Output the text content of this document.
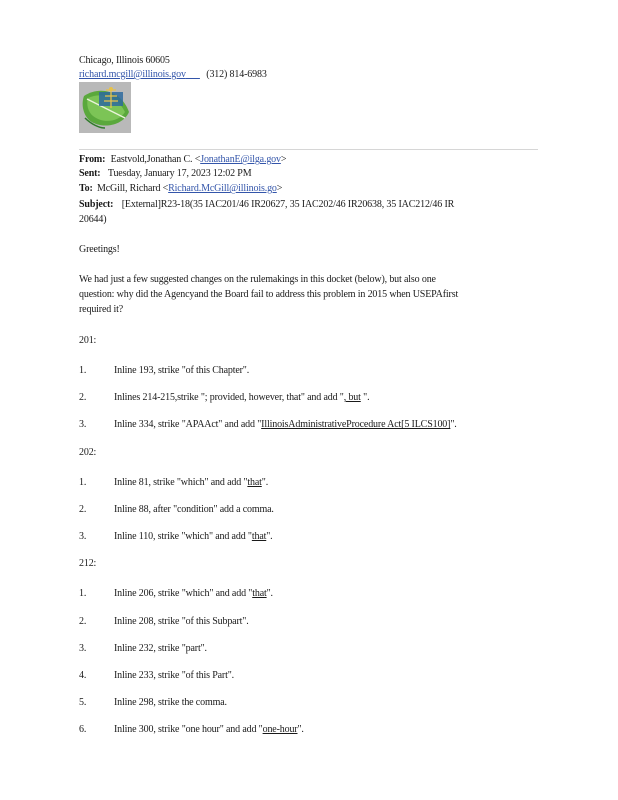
Chicago, Illinois 60605
richard.mcgill@illinois.gov (312) 814-6983
From: Eastvold,Jonathan C. <JonathanE@ilga.gov>
Sent: Tuesday, January 17, 2023 12:02 PM
To: McGill, Richard <Richard.McGill@illinois.go>
Subject: [External]R23-18(35 IAC201/46 IR20627, 35 IAC202/46 IR20638, 35 IAC212/46 IR
20644)
Greetings!
We had just a few suggested changes on the rulemakings in this docket (below), but also one
question: why did the Agencyand the Board fail to address this problem in 2015 when USEPAfirst
required it?
201:
1.	Inline 193, strike "of this Chapter".
2.	Inlines 214-215,strike "; provided, however, that" and add ", but ".
3.	Inline 334, strike "APAAct" and add "IllinoisAdministrativeProcedure Act[5 ILCS100]".
202:
1.	Inline 81, strike "which" and add "that".
2.	Inline 88, after "condition" add a comma.
3.	Inline 110, strike "which" and add "that".
212:
1.	Inline 206, strike "which" and add "that".
2.	Inline 208, strike "of this Subpart".
3.	Inline 232, strike "part".
4.	Inline 233, strike "of this Part".
5.	Inline 298, strike the comma.
6.	Inline 300, strike "one hour" and add "one-hour".
